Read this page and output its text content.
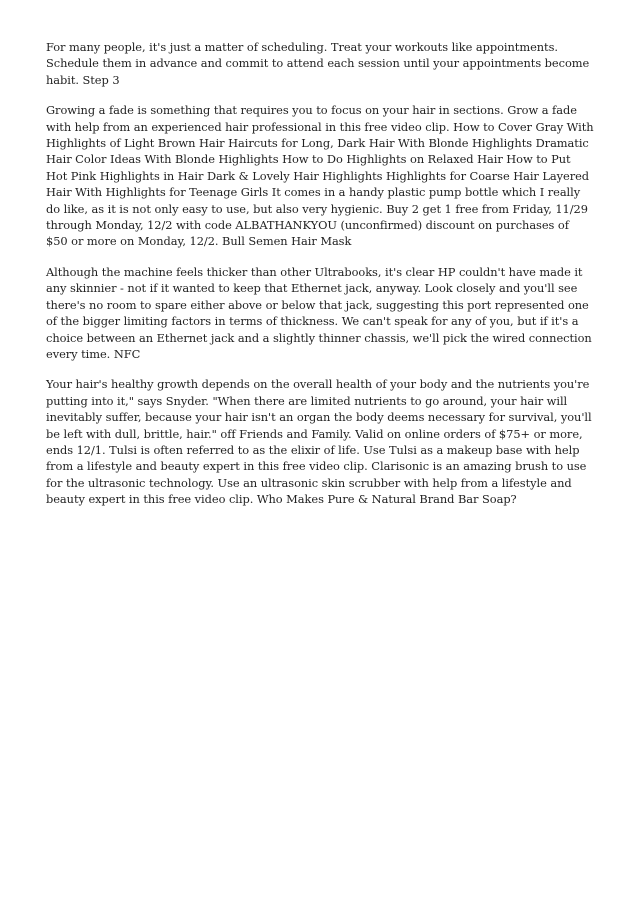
For many people, it's just a matter of scheduling. Treat your workouts like appointments. Schedule them in advance and commit to attend each session until your appointments become habit. Step 3

Growing a fade is something that requires you to focus on your hair in sections. Grow a fade with help from an experienced hair professional in this free video clip. How to Cover Gray With Highlights of Light Brown Hair Haircuts for Long, Dark Hair With Blonde Highlights Dramatic Hair Color Ideas With Blonde Highlights How to Do Highlights on Relaxed Hair How to Put Hot Pink Highlights in Hair Dark & Lovely Hair Highlights Highlights for Coarse Hair Layered Hair With Highlights for Teenage Girls It comes in a handy plastic pump bottle which I really do like, as it is not only easy to use, but also very hygienic. Buy 2 get 1 free from Friday, 11/29 through Monday, 12/2 with code ALBATHANKYOU (unconfirmed) discount on purchases of $50 or more on Monday, 12/2. Bull Semen Hair Mask

Although the machine feels thicker than other Ultrabooks, it's clear HP couldn't have made it any skinnier - not if it wanted to keep that Ethernet jack, anyway. Look closely and you'll see there's no room to spare either above or below that jack, suggesting this port represented one of the bigger limiting factors in terms of thickness. We can't speak for any of you, but if it's a choice between an Ethernet jack and a slightly thinner chassis, we'll pick the wired connection every time. NFC

Your hair's healthy growth depends on the overall health of your body and the nutrients you're putting into it," says Snyder. "When there are limited nutrients to go around, your hair will inevitably suffer, because your hair isn't an organ the body deems necessary for survival, you'll be left with dull, brittle, hair." off Friends and Family. Valid on online orders of $75+ or more, ends 12/1. Tulsi is often referred to as the elixir of life. Use Tulsi as a makeup base with help from a lifestyle and beauty expert in this free video clip. Clarisonic is an amazing brush to use for the ultrasonic technology. Use an ultrasonic skin scrubber with help from a lifestyle and beauty expert in this free video clip. Who Makes Pure & Natural Brand Bar Soap?
